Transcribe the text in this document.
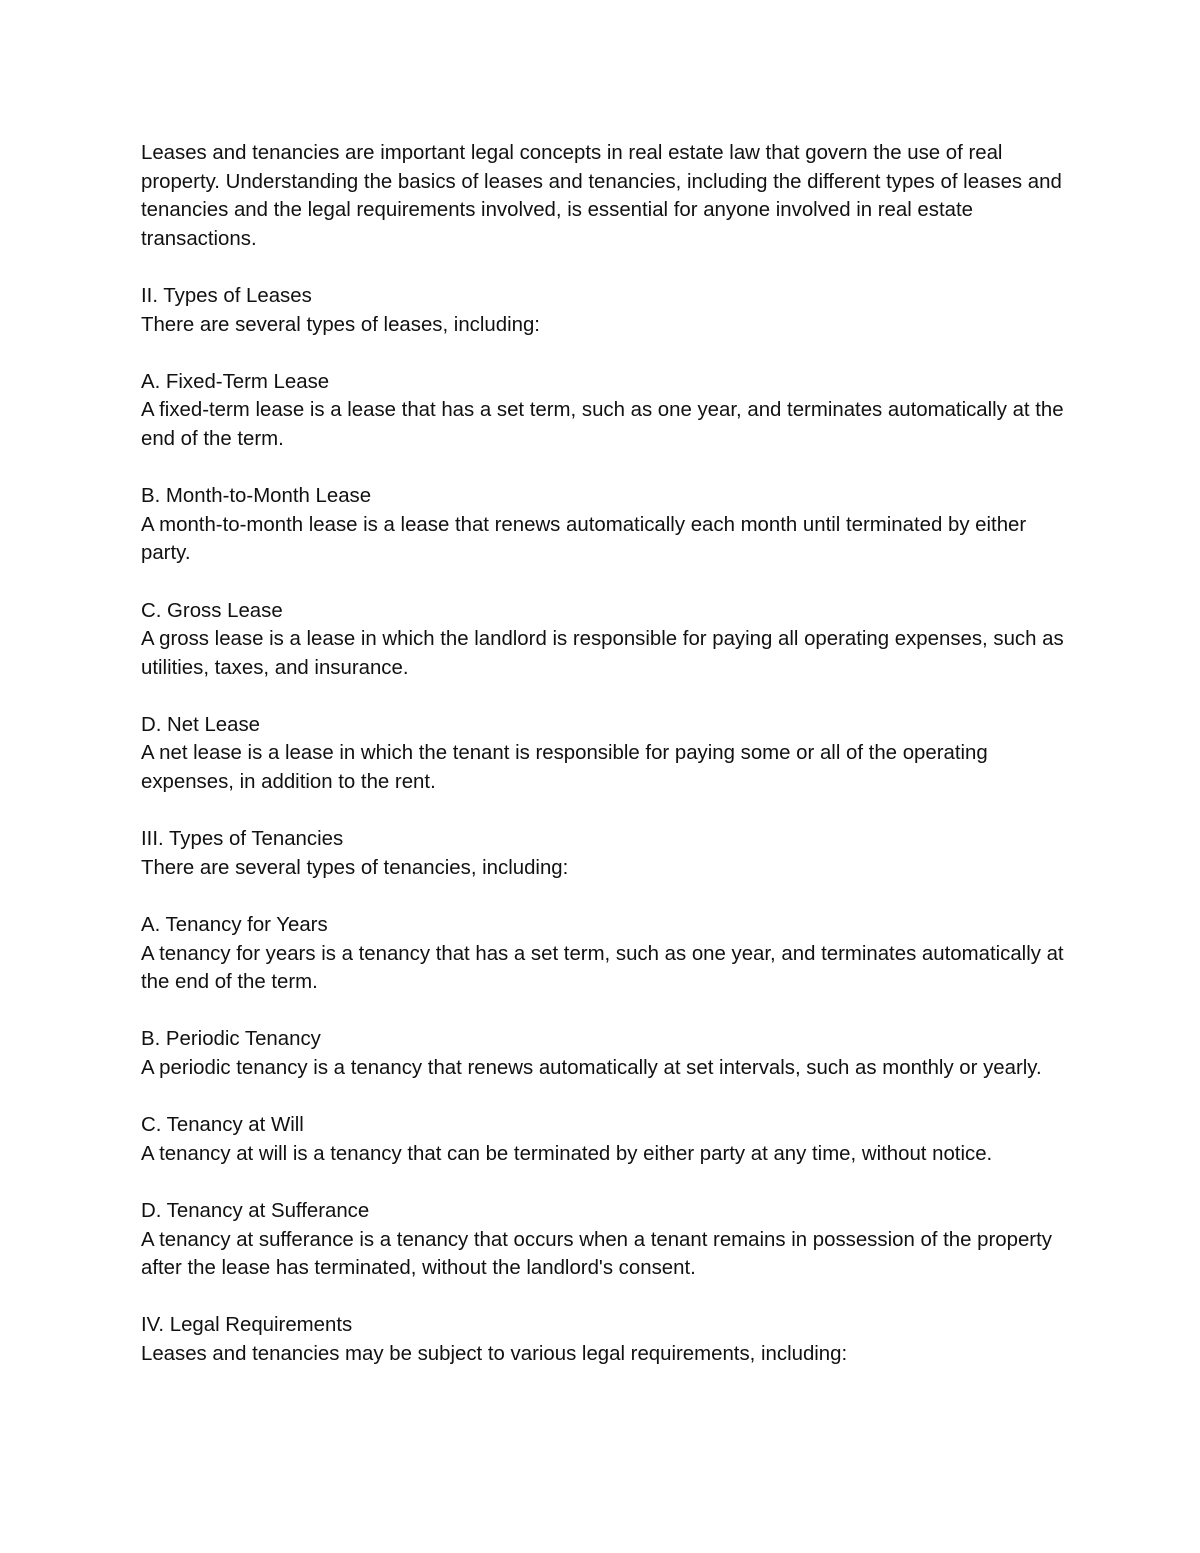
Leases and tenancies are important legal concepts in real estate law that govern the use of real property. Understanding the basics of leases and tenancies, including the different types of leases and tenancies and the legal requirements involved, is essential for anyone involved in real estate transactions.

II. Types of Leases
There are several types of leases, including:
A. Fixed-Term Lease
A fixed-term lease is a lease that has a set term, such as one year, and terminates automatically at the end of the term.
B. Month-to-Month Lease
A month-to-month lease is a lease that renews automatically each month until terminated by either party.
C. Gross Lease
A gross lease is a lease in which the landlord is responsible for paying all operating expenses, such as utilities, taxes, and insurance.
D. Net Lease
A net lease is a lease in which the tenant is responsible for paying some or all of the operating expenses, in addition to the rent.
III. Types of Tenancies
There are several types of tenancies, including:
A. Tenancy for Years
A tenancy for years is a tenancy that has a set term, such as one year, and terminates automatically at the end of the term.
B. Periodic Tenancy
A periodic tenancy is a tenancy that renews automatically at set intervals, such as monthly or yearly.
C. Tenancy at Will
A tenancy at will is a tenancy that can be terminated by either party at any time, without notice.
D. Tenancy at Sufferance
A tenancy at sufferance is a tenancy that occurs when a tenant remains in possession of the property after the lease has terminated, without the landlord's consent.
IV. Legal Requirements
Leases and tenancies may be subject to various legal requirements, including:
